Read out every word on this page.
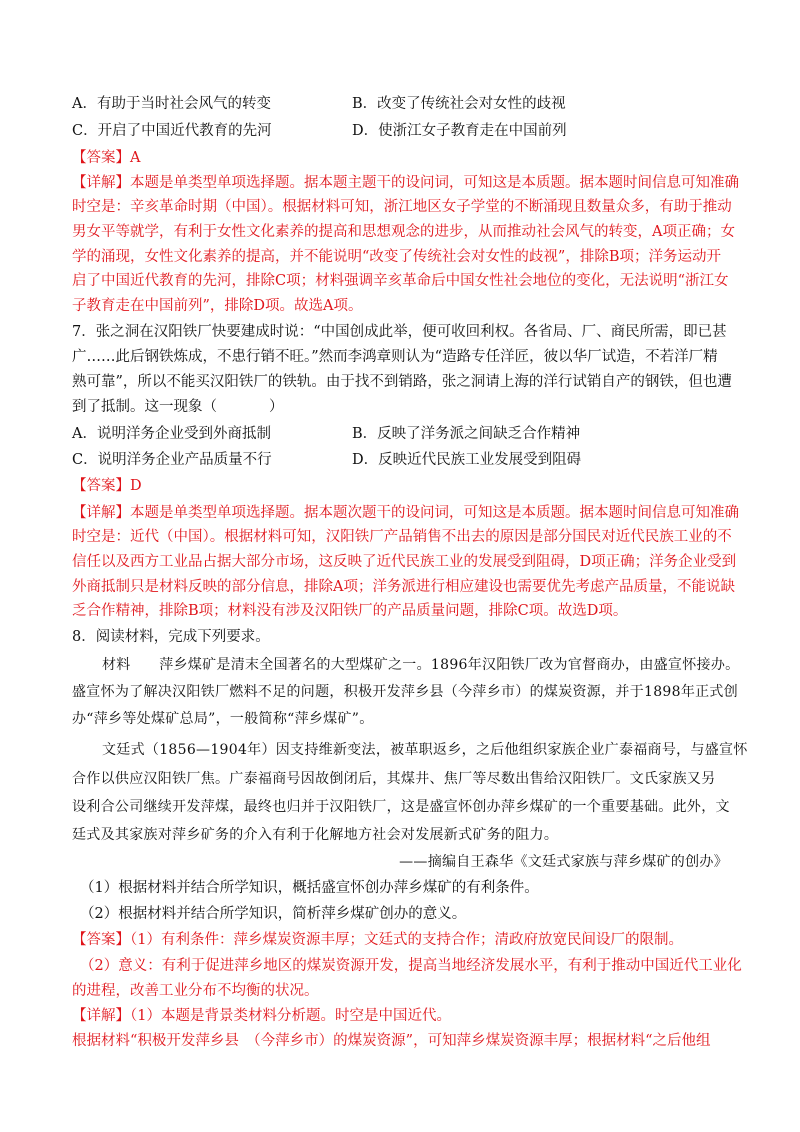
A．有助于当时社会风气的转变	B．改变了传统社会对女性的歧视
C．开启了中国近代教育的先河	D．使浙江女子教育走在中国前列
【答案】A
【详解】本题是单类型单项选择题。据本题主题干的设问词，可知这是本质题。据本题时间信息可知准确
时空是：辛亥革命时期（中国）。根据材料可知，浙江地区女子学堂的不断涌现且数量众多，有助于推动
男女平等就学，有利于女性文化素养的提高和思想观念的进步，从而推动社会风气的转变，A项正确；女
学的涌现，女性文化素养的提高，并不能说明“改变了传统社会对女性的歧视”，排除B项；洋务运动开
启了中国近代教育的先河，排除C项；材料强调辛亥革命后中国女性社会地位的变化，无法说明“浙江女
子教育走在中国前列”，排除D项。故选A项。
7．张之洞在汉阳铁厂快要建成时说：“中国创成此举，便可收回利权。各省局、厂、商民所需，即已甚
广……此后钢铁炼成，不患行销不旺。”然而李鸿章则认为“造路专任洋匠，彼以华厂试造，不若洋厂精
熟可靠”，所以不能买汉阳铁厂的铁轨。由于找不到销路，张之洞请上海的洋行试销自产的钢铁，但也遭
到了抵制。这一现象（	）
A．说明洋务企业受到外商抵制	B．反映了洋务派之间缺乏合作精神
C．说明洋务企业产品质量不行	D．反映近代民族工业发展受到阻碍
【答案】D
【详解】本题是单类型单项选择题。据本题次题干的设问词，可知这是本质题。据本题时间信息可知准确
时空是：近代（中国）。根据材料可知，汉阳铁厂产品销售不出去的原因是部分国民对近代民族工业的不
信任以及西方工业品占据大部分市场，这反映了近代民族工业的发展受到阻碍，D项正确；洋务企业受到
外商抵制只是材料反映的部分信息，排除A项；洋务派进行相应建设也需要优先考虑产品质量，不能说缺
乏合作精神，排除B项；材料没有涉及汉阳铁厂的产品质量问题，排除C项。故选D项。
8．阅读材料，完成下列要求。
材料　　萍乡煤矿是清末全国著名的大型煤矿之一。1896年汉阳铁厂改为官督商办，由盛宣怀接办。
盛宣怀为了解决汉阳铁厂燃料不足的问题，积极开发萍乡县（今萍乡市）的煤炭资源，并于1898年正式创
办“萍乡等处煤矿总局”，一般简称“萍乡煤矿”。
文廷式（1856—1904年）因支持维新变法，被革职返乡，之后他组织家族企业广泰福商号，与盛宣怀
合作以供应汉阳铁厂焦。广泰福商号因故倒闭后，其煤井、焦厂等尽数出售给汉阳铁厂。文氏家族又另
设利合公司继续开发萍煤，最终也归并于汉阳铁厂，这是盛宣怀创办萍乡煤矿的一个重要基础。此外，文
廷式及其家族对萍乡矿务的介入有利于化解地方社会对发展新式矿务的阻力。
——摘编自王森华《文廷式家族与萍乡煤矿的创办》
（1）根据材料并结合所学知识，概括盛宣怀创办萍乡煤矿的有利条件。
（2）根据材料并结合所学知识，简析萍乡煤矿创办的意义。
【答案】（1）有利条件：萍乡煤炭资源丰厚；文廷式的支持合作；清政府放宽民间设厂的限制。
（2）意义：有利于促进萍乡地区的煤炭资源开发，提高当地经济发展水平，有利于推动中国近代工业化
的进程，改善工业分布不均衡的状况。
【详解】（1）本题是背景类材料分析题。时空是中国近代。
根据材料“积极开发萍乡县　（今萍乡市）的煤炭资源”，可知萍乡煤炭资源丰厚；根据材料“之后他组
